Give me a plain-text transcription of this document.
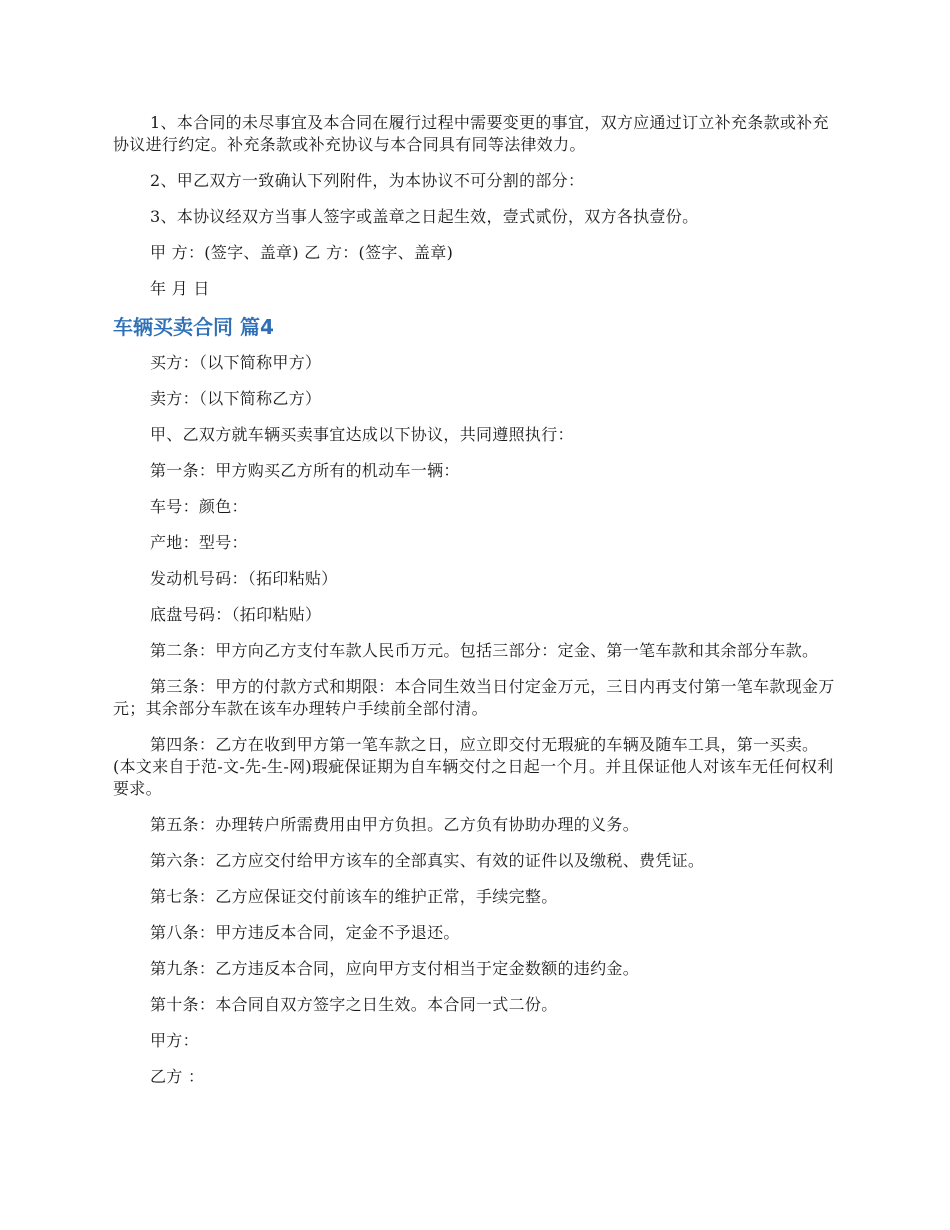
1、本合同的未尽事宜及本合同在履行过程中需要变更的事宜，双方应通过订立补充条款或补充协议进行约定。补充条款或补充协议与本合同具有同等法律效力。

2、甲乙双方一致确认下列附件，为本协议不可分割的部分：

3、本协议经双方当事人签字或盖章之日起生效，壹式贰份，双方各执壹份。

甲 方：(签字、盖章) 乙 方：(签字、盖章)

年 月 日

车辆买卖合同 篇4

买方：（以下简称甲方）

卖方：（以下简称乙方）

甲、乙双方就车辆买卖事宜达成以下协议，共同遵照执行：

第一条：甲方购买乙方所有的机动车一辆：

车号：颜色：

产地：型号：

发动机号码：（拓印粘贴）

底盘号码：（拓印粘贴）

第二条：甲方向乙方支付车款人民币万元。包括三部分：定金、第一笔车款和其余部分车款。

第三条：甲方的付款方式和期限：本合同生效当日付定金万元，三日内再支付第一笔车款现金万元；其余部分车款在该车办理转户手续前全部付清。

第四条：乙方在收到甲方第一笔车款之日，应立即交付无瑕疵的车辆及随车工具，第一买卖。(本文来自于范-文-先-生-网)瑕疵保证期为自车辆交付之日起一个月。并且保证他人对该车无任何权利要求。

第五条：办理转户所需费用由甲方负担。乙方负有协助办理的义务。

第六条：乙方应交付给甲方该车的全部真实、有效的证件以及缴税、费凭证。

第七条：乙方应保证交付前该车的维护正常，手续完整。

第八条：甲方违反本合同，定金不予退还。

第九条：乙方违反本合同，应向甲方支付相当于定金数额的违约金。

第十条：本合同自双方签字之日生效。本合同一式二份。

甲方：

乙方 ：
